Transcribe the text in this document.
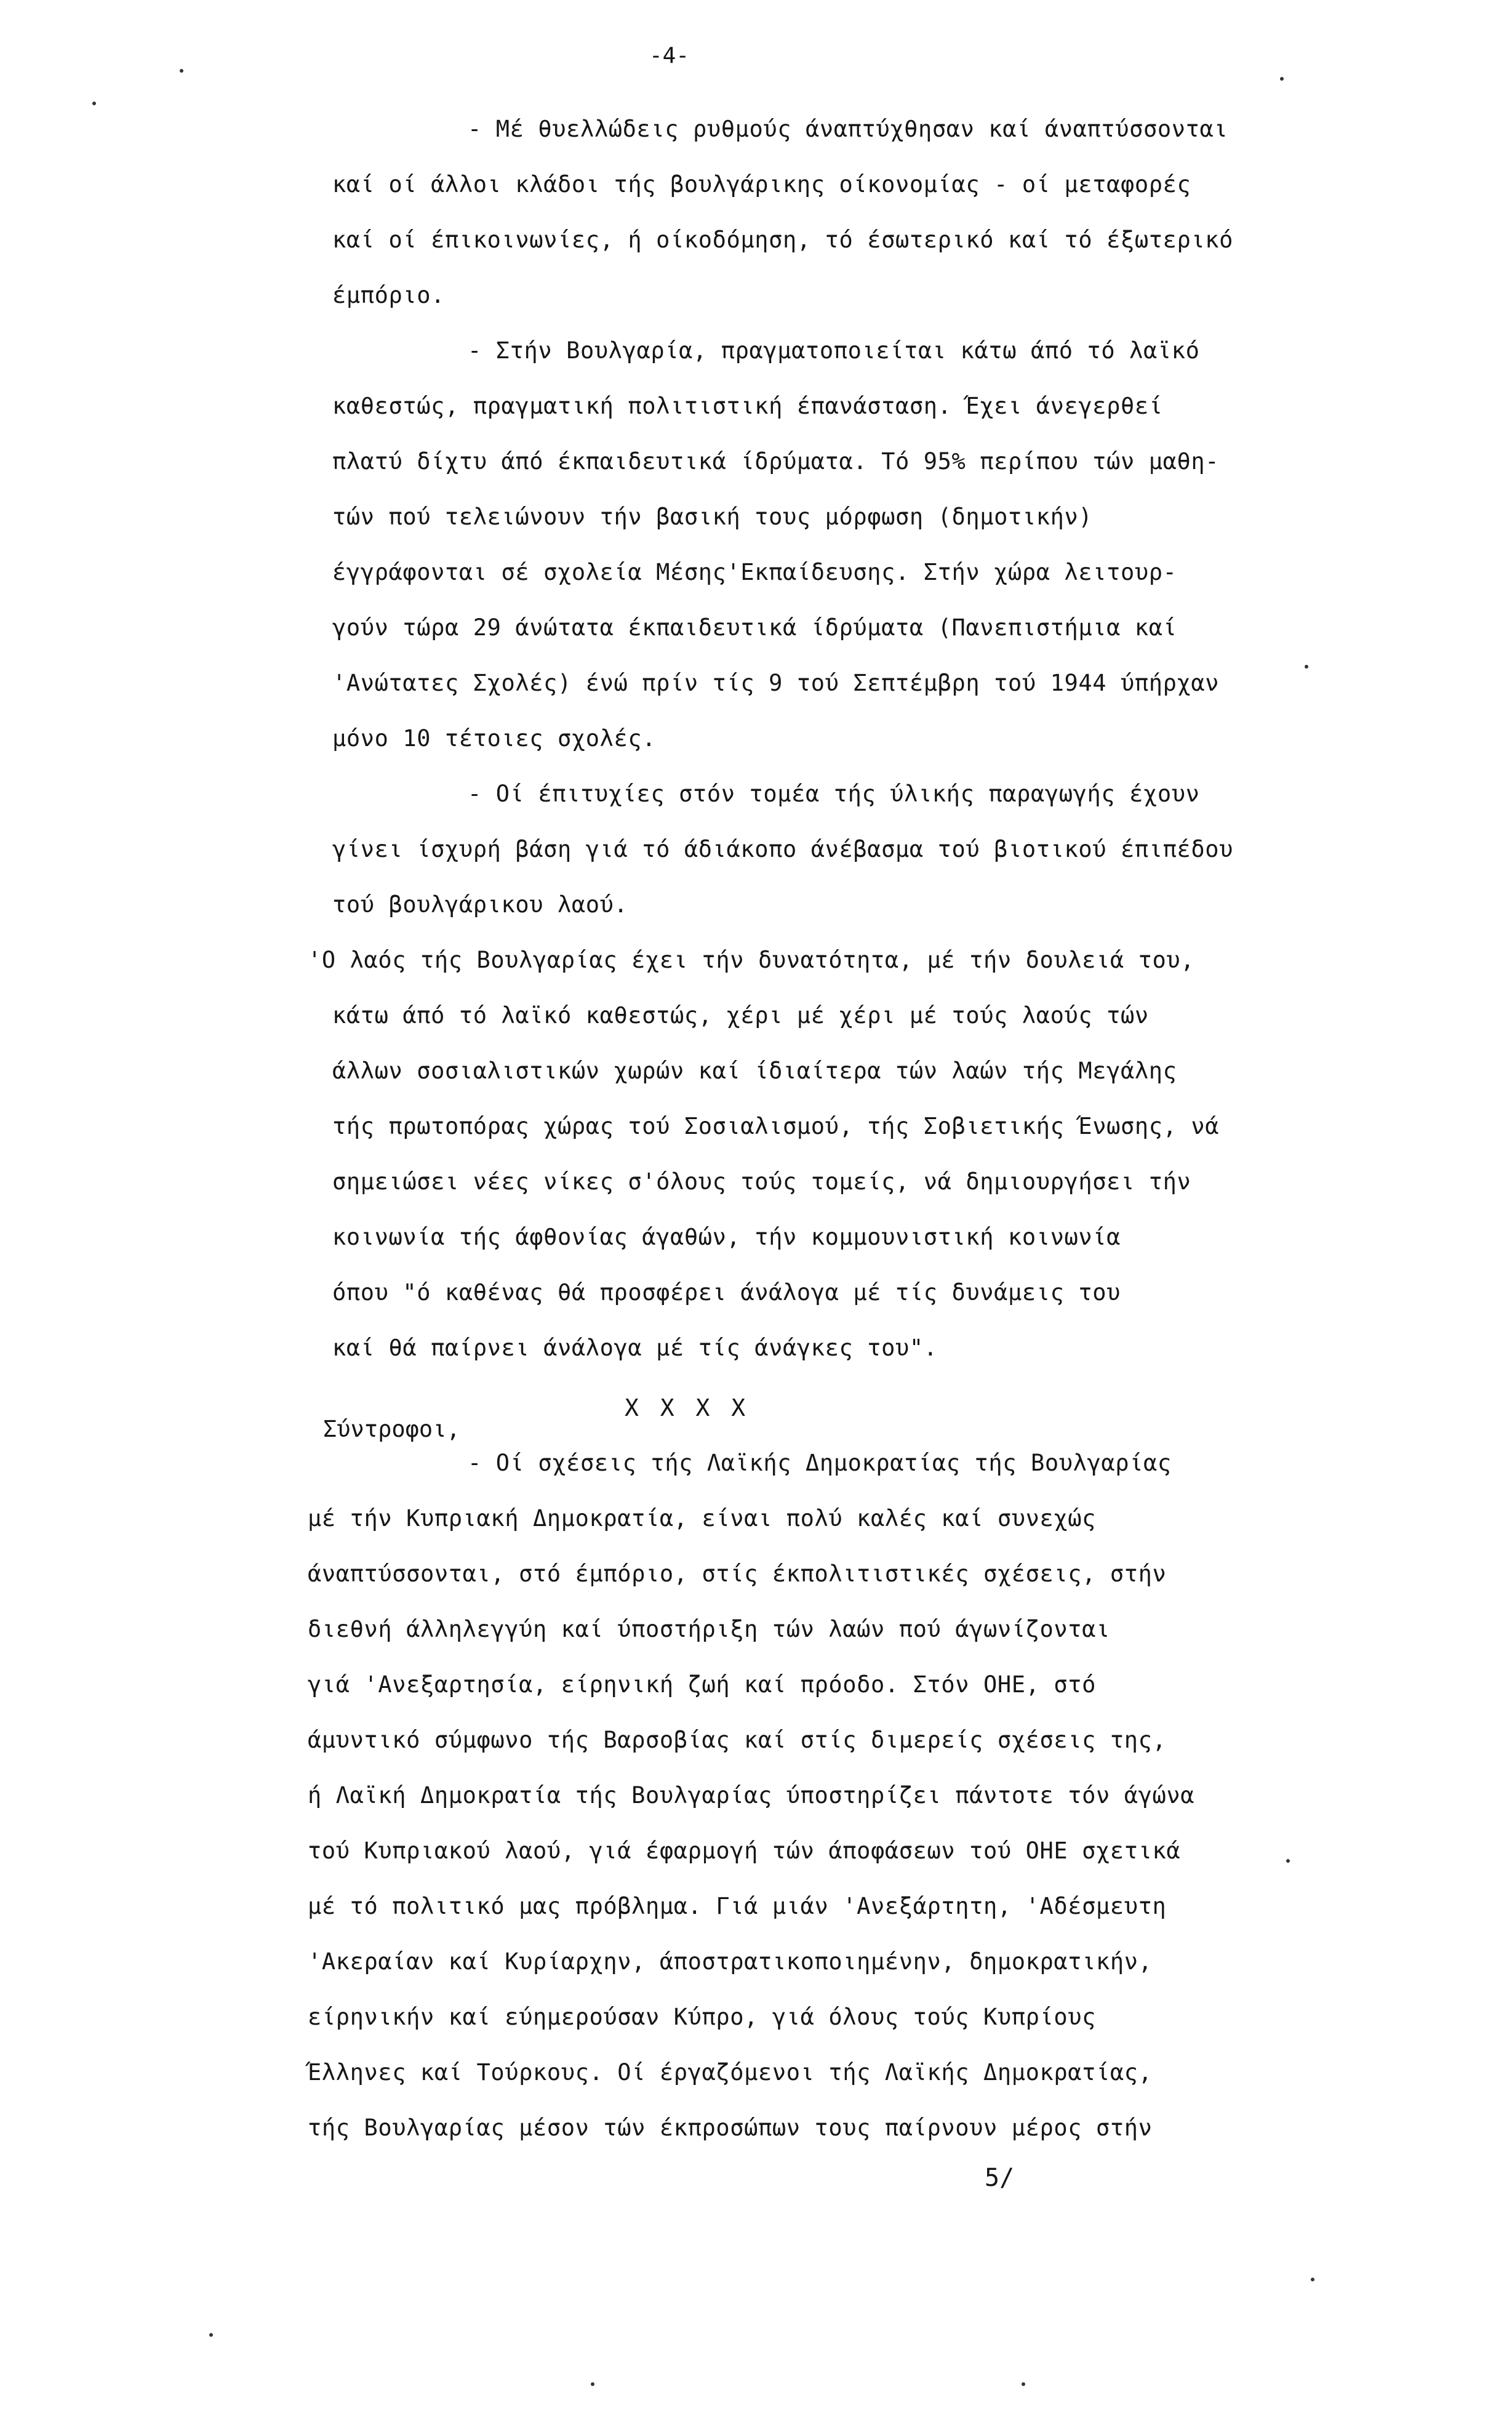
-4-
- Μέ θυελλώδεις ρυθμούς άναπτύχθησαν καί άναπτύσσονται
καί οί άλλοι κλάδοι τής βουλγάρικης οίκονομίας - οί μεταφορές
καί οί έπικοινωνίες, ή οίκοδόμηση, τό έσωτερικό καί τό έξωτερικό
έμπόριο.
- Στήν Βουλγαρία, πραγματοποιείται κάτω άπό τό λαϊκό
καθεστώς, πραγματική πολιτιστική έπανάσταση. Έχει άνεγερθεί
πλατύ δίχτυ άπό έκπαιδευτικά ίδρύματα. Τό 95% περίπου τών μαθη-
τών πού τελειώνουν τήν βασική τους μόρφωση (δημοτικήν)
έγγράφονται σέ σχολεία Μέσης'Εκπαίδευσης. Στήν χώρα λειτουρ-
γούν τώρα 29 άνώτατα έκπαιδευτικά ίδρύματα (Πανεπιστήμια καί
'Ανώτατες Σχολές) ένώ πρίν τίς 9 τού Σεπτέμβρη τού 1944 ύπήρχαν
μόνο 10 τέτοιες σχολές.
- Οί έπιτυχίες στόν τομέα τής ύλικής παραγωγής έχουν
γίνει ίσχυρή βάση γιά τό άδιάκοπο άνέβασμα τού βιοτικού έπιπέδου
τού βουλγάρικου λαού.
'Ο λαός τής Βουλγαρίας έχει τήν δυνατότητα, μέ τήν δουλειά του,
κάτω άπό τό λαϊκό καθεστώς, χέρι μέ χέρι μέ τούς λαούς τών
άλλων σοσιαλιστικών χωρών καί ίδιαίτερα τών λαών τής Μεγάλης
τής πρωτοπόρας χώρας τού Σοσιαλισμού, τής Σοβιετικής Ένωσης, νά
σημειώσει νέες νίκες σ'όλους τούς τομείς, νά δημιουργήσει τήν
κοινωνία τής άφθονίας άγαθών, τήν κομμουνιστική κοινωνία
όπου "ό καθένας θά προσφέρει άνάλογα μέ τίς δυνάμεις του
καί θά παίρνει άνάλογα μέ τίς άνάγκες του".
X X X X
Σύντροφοι,
- Οί σχέσεις τής Λαϊκής Δημοκρατίας τής Βουλγαρίας
μέ τήν Κυπριακή Δημοκρατία, είναι πολύ καλές καί συνεχώς
άναπτύσσονται, στό έμπόριο, στίς έκπολιτιστικές σχέσεις, στήν
διεθνή άλληλεγγύη καί ύποστήριξη τών λαών πού άγωνίζονται
γιά 'Ανεξαρτησία, είρηνική ζωή καί πρόοδο. Στόν ΟΗΕ, στό
άμυντικό σύμφωνο τής Βαρσοβίας καί στίς διμερείς σχέσεις της,
ή Λαϊκή Δημοκρατία τής Βουλγαρίας ύποστηρίζει πάντοτε τόν άγώνα
τού Κυπριακού λαού, γιά έφαρμογή τών άποφάσεων τού ΟΗΕ σχετικά
μέ τό πολιτικό μας πρόβλημα. Γιά μιάν 'Ανεξάρτητη, 'Αδέσμευτη
'Ακεραίαν καί Κυρίαρχην, άποστρατικοποιημένην, δημοκρατικήν,
είρηνικήν καί εύημερούσαν Κύπρο, γιά όλους τούς Κυπρίους
Έλληνες καί Τούρκους. Οί έργαζόμενοι τής Λαϊκής Δημοκρατίας,
τής Βουλγαρίας μέσον τών έκπροσώπων τους παίρνουν μέρος στήν
5/
